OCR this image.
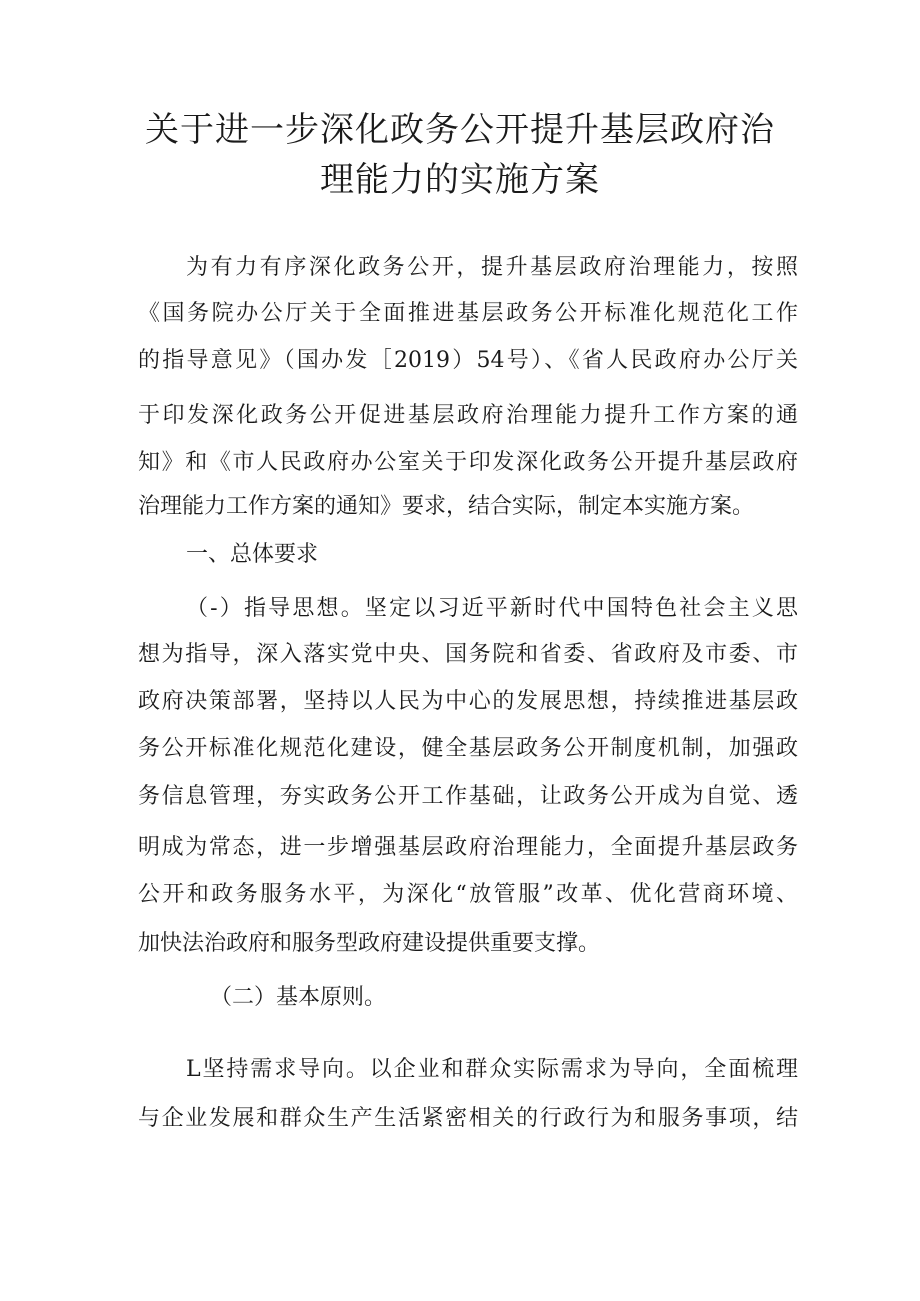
关于进一步深化政务公开提升基层政府治
理能力的实施方案
为有力有序深化政务公开，提升基层政府治理能力，按照
《国务院办公厅关于全面推进基层政务公开标准化规范化工作
的指导意见》（国办发［2019）54号）、《省人民政府办公厅关
于印发深化政务公开促进基层政府治理能力提升工作方案的通
知》和《市人民政府办公室关于印发深化政务公开提升基层政府
治理能力工作方案的通知》要求，结合实际，制定本实施方案。
一、总体要求
（-）指导思想。坚定以习近平新时代中国特色社会主义思
想为指导，深入落实党中央、国务院和省委、省政府及市委、市
政府决策部署，坚持以人民为中心的发展思想，持续推进基层政
务公开标准化规范化建设，健全基层政务公开制度机制，加强政
务信息管理，夯实政务公开工作基础，让政务公开成为自觉、透
明成为常态，进一步增强基层政府治理能力，全面提升基层政务
公开和政务服务水平，为深化“放管服”改革、优化营商环境、
加快法治政府和服务型政府建设提供重要支撑。
（二）基本原则。
L坚持需求导向。以企业和群众实际需求为导向，全面梳理
与企业发展和群众生产生活紧密相关的行政行为和服务事项，结
